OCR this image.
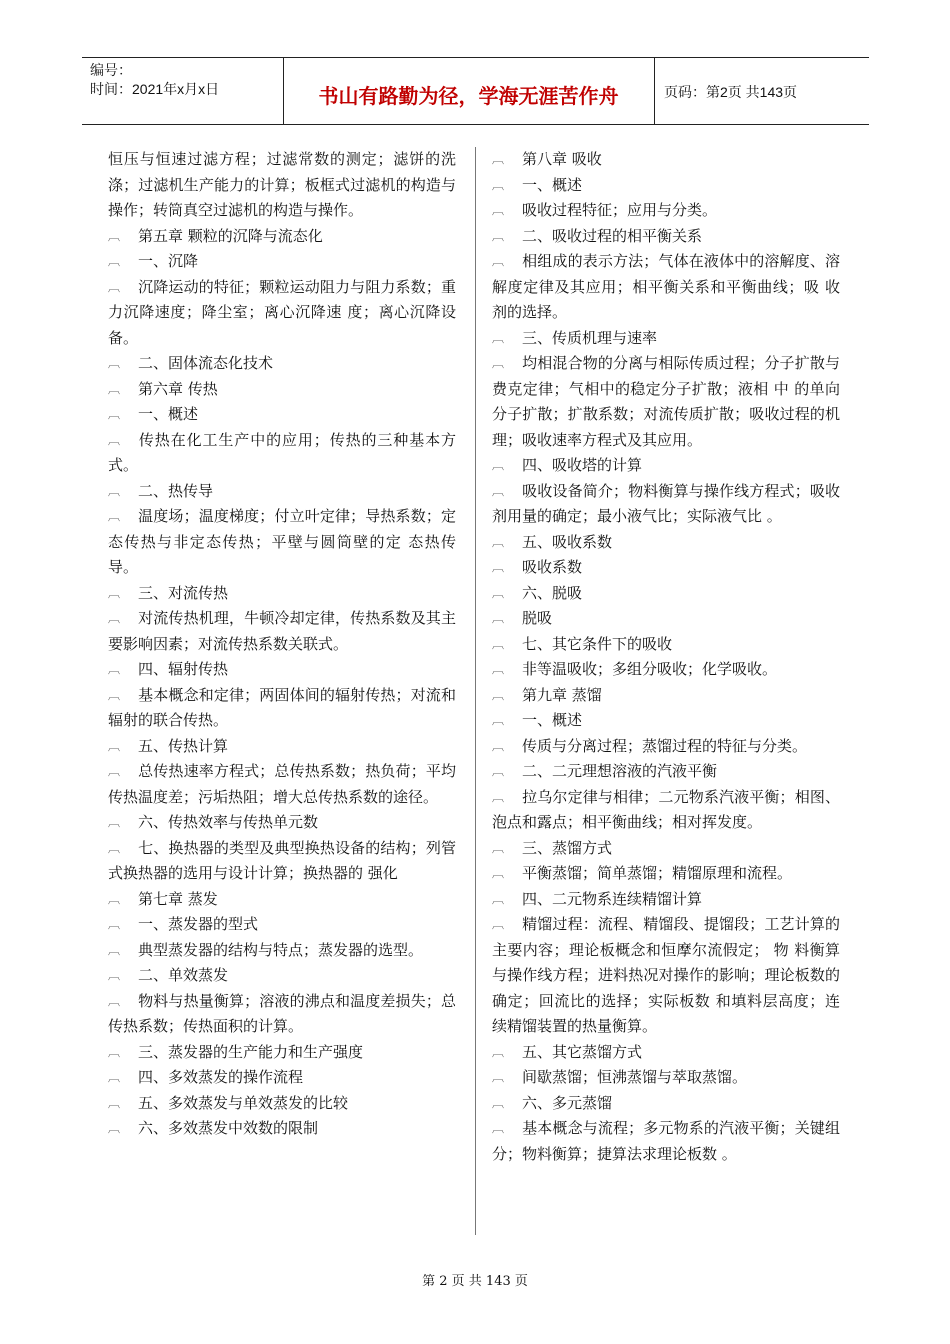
编号：
时间：2021年x月x日	书山有路勤为径，学海无涯苦作舟	页码：第2页 共143页

恒压与恒速过滤方程；过滤常数的测定；滤饼的洗涤；过滤机生产能力的计算；板框式过滤机的构造与操作；转筒真空过滤机的构造与操作。

︹ 第五章 颗粒的沉降与流态化

︹ 一、沉降

︹ 沉降运动的特征；颗粒运动阻力与阻力系数；重力沉降速度；降尘室；离心沉降速 度；离心沉降设备。

︹ 二、固体流态化技术

︹ 第六章 传热

︹ 一、概述

︹ 传热在化工生产中的应用；传热的三种基本方式。

︹ 二、热传导

︹ 温度场；温度梯度；付立叶定律；导热系数；定态传热与非定态传热；平壁与圆筒壁的定 态热传导。

︹ 三、对流传热

︹ 对流传热机理，牛顿冷却定律，传热系数及其主要影响因素；对流传热系数关联式。

︹ 四、辐射传热

︹ 基本概念和定律；两固体间的辐射传热；对流和辐射的联合传热。

︹ 五、传热计算

︹ 总传热速率方程式；总传热系数；热负荷；平均传热温度差；污垢热阻；增大总传热系数的途径。

︹ 六、传热效率与传热单元数

︹ 七、换热器的类型及典型换热设备的结构；列管式换热器的选用与设计计算；换热器的 强化

︹ 第七章 蒸发

︹ 一、蒸发器的型式

︹ 典型蒸发器的结构与特点；蒸发器的选型。

︹ 二、单效蒸发

︹ 物料与热量衡算；溶液的沸点和温度差损失；总传热系数；传热面积的计算。

︹ 三、蒸发器的生产能力和生产强度

︹ 四、多效蒸发的操作流程

︹ 五、多效蒸发与单效蒸发的比较

︹ 六、多效蒸发中效数的限制

︹ 第八章 吸收

︹ 一、概述

︹ 吸收过程特征；应用与分类。

︹ 二、吸收过程的相平衡关系

︹ 相组成的表示方法；气体在液体中的溶解度、溶解度定律及其应用；相平衡关系和平衡曲线；吸 收剂的选择。

︹ 三、传质机理与速率

︹ 均相混合物的分离与相际传质过程；分子扩散与费克定律；气相中的稳定分子扩散；液相 中 的单向分子扩散；扩散系数；对流传质扩散；吸收过程的机理；吸收速率方程式及其应用。

︹ 四、吸收塔的计算

︹ 吸收设备简介；物料衡算与操作线方程式；吸收剂用量的确定；最小液气比；实际液气比 。

︹ 五、吸收系数

︹ 吸收系数

︹ 六、脱吸

︹ 脱吸

︹ 七、其它条件下的吸收

︹ 非等温吸收；多组分吸收；化学吸收。

︹ 第九章 蒸馏

︹ 一、概述

︹ 传质与分离过程；蒸馏过程的特征与分类。

︹ 二、二元理想溶液的汽液平衡

︹ 拉乌尔定律与相律；二元物系汽液平衡；相图、泡点和露点；相平衡曲线；相对挥发度。

︹ 三、蒸馏方式

︹ 平衡蒸馏；简单蒸馏；精馏原理和流程。

︹ 四、二元物系连续精馏计算

︹ 精馏过程：流程、精馏段、提馏段；工艺计算的主要内容；理论板概念和恒摩尔流假定； 物 料衡算与操作线方程；进料热况对操作的影响；理论板数的确定；回流比的选择；实际板数 和填料层高度；连续精馏装置的热量衡算。

︹ 五、其它蒸馏方式

︹ 间歇蒸馏；恒沸蒸馏与萃取蒸馏。

︹ 六、多元蒸馏

︹ 基本概念与流程；多元物系的汽液平衡；关键组分；物料衡算；捷算法求理论板数 。

第 2 页 共 143 页
